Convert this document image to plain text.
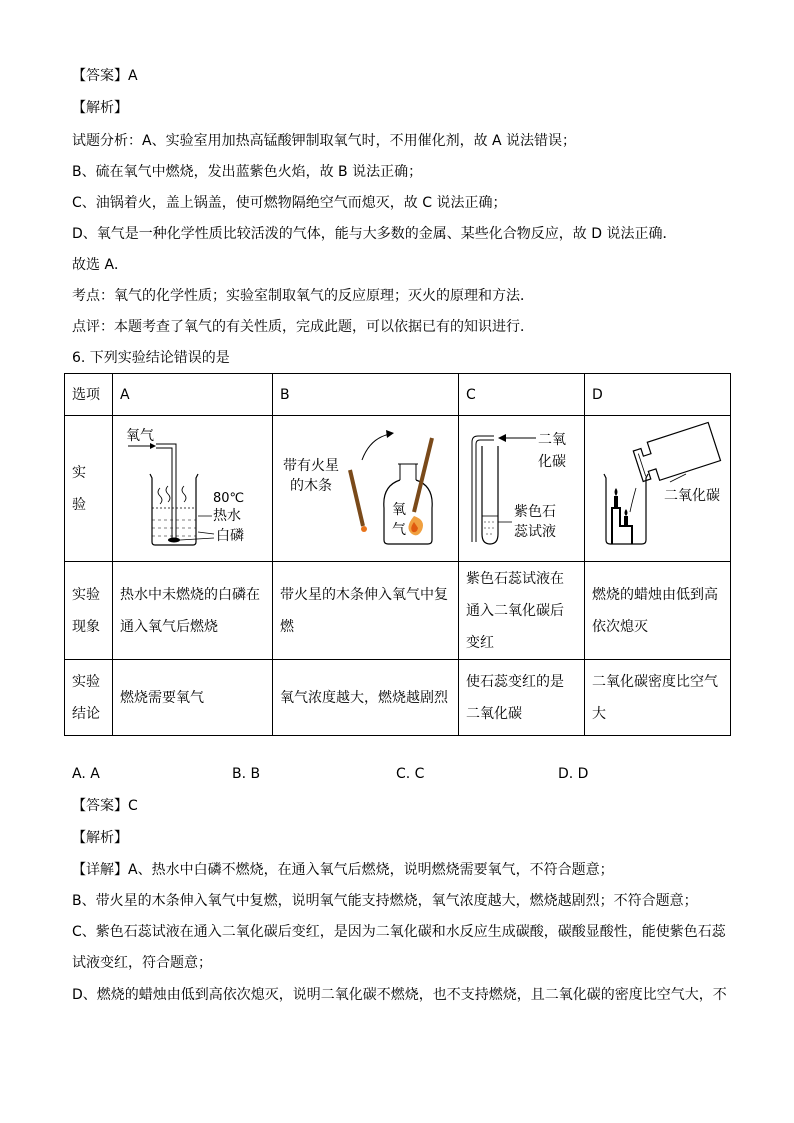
【答案】A
【解析】
试题分析：A、实验室用加热高锰酸钾制取氧气时，不用催化剂，故 A 说法错误；
B、硫在氧气中燃烧，发出蓝紫色火焰，故 B 说法正确；
C、油锅着火，盖上锅盖，使可燃物隔绝空气而熄灭，故 C 说法正确；
D、氧气是一种化学性质比较活泼的气体，能与大多数的金属、某些化合物反应，故 D 说法正确．
故选 A．
考点：氧气的化学性质；实验室制取氧气的反应原理；灭火的原理和方法．
点评：本题考查了氧气的有关性质，完成此题，可以依据已有的知识进行．
6. 下列实验结论错误的是
选项	A	B	C	D
实
验	氧气
80℃
热水
白磷	带有火星
的木条
氧
气	二氧
化碳
紫色石
蕊试液	二氧化碳

实验
现象	热水中未燃烧的白磷在
通入氧气后燃烧	带火星的木条伸入氧气中复
燃	紫色石蕊试液在
通入二氧化碳后
变红	燃烧的蜡烛由低到高
依次熄灭
实验
结论	燃烧需要氧气	氧气浓度越大，燃烧越剧烈	使石蕊变红的是
二氧化碳	二氧化碳密度比空气
大
A. A	B. B	C. C	D. D
【答案】C
【解析】
【详解】A、热水中白磷不燃烧，在通入氧气后燃烧，说明燃烧需要氧气，不符合题意；
B、带火星的木条伸入氧气中复燃，说明氧气能支持燃烧，氧气浓度越大，燃烧越剧烈；不符合题意；
C、紫色石蕊试液在通入二氧化碳后变红，是因为二氧化碳和水反应生成碳酸，碳酸显酸性，能使紫色石蕊
试液变红，符合题意；
D、燃烧的蜡烛由低到高依次熄灭，说明二氧化碳不燃烧，也不支持燃烧，且二氧化碳的密度比空气大，不
